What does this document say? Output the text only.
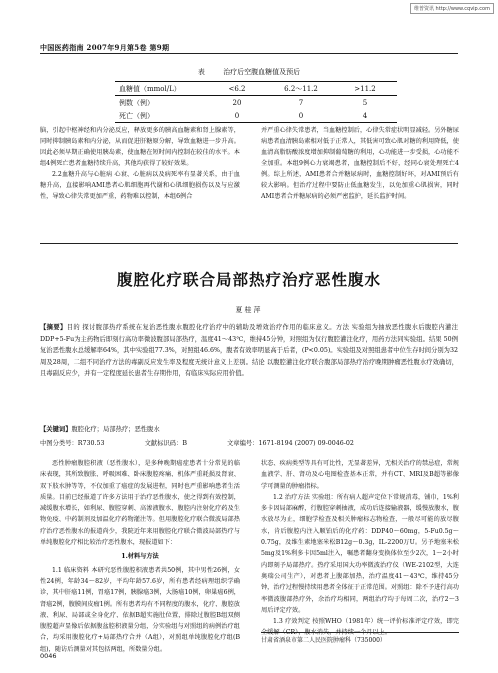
维普资讯 http://www.cqvip.com
中国医药指南 2007年9月第5卷 第9期
表	治疗后空腹血糖值及预后
血糖值（mmol/L）	<6.2	6.2～11.2	>11.2
例数（例）	20	7	5
死亡（例）	0	0	4

脑，引起中枢神经和内分泌反应，释放更多的胰高血糖素和肾上腺素等，同时抑制胰岛素和内分泌，从而促进肝糖原分解，导致血糖进一步升高。因此必须早期正确使用胰岛素，使血糖在短时间内控制在较佳的水平。本组4例死亡患者血糖持续升高，其他均获得了较好效果。

2.2血糖升高与心脏病 心衰、心脏病以及病死率有显著关系，由于血糖升高，直接影响AMI患者心肌细胞再代谢和心肌细胞损伤以及与应激性，导致心律失常更加严重，药物难以控制，本组6例合

并严重心律失常患者，当血糖控制后，心律失常症状明显减轻。另外糖尿病患者血清胰岛素相对低于正常人，其低害可致心肌对糖的利用降低，使血清高脂肪酸浓度增加抑制葡萄糖的利用，心功能进一步受损，心功能不全加重。本组9例心力衰竭患者，血糖控制后不好，经同心衰处理死亡4例。综上所述，AMI患者合并糖尿病时，血糖控制好坏，对AMI预后有较大影响。但治疗过程中要防止低血糖发生，以免加重心肌损害，同时AMI患者合并糖尿病的必须严密监护，延长监护时间。

腹腔化疗联合局部热疗治疗恶性腹水
夏桂萍
【摘要】目的 探讨腹部热疗系统在复治恶性腹水腹腔化疗治疗中的辅助及增效治疗作用的临床意义。方法 实验组为抽放恶性腹水后腹腔内灌注DDP+5-Fu为主药物后即刻行高功率微波腹部局部热疗，温度41～43℃，维持45分钟，对照组为仅行腹腔灌注化疗，用药方法同实验组。结果 50例复治恶性腹水总缓解率64%，其中实验组77.3%，对照组46.6%，腹者有效率明显高于后者，(P<0.05)。实验组及对照组患者中位生存时间分别为32周及28周，二组不同治疗方法的毒副反应发生率及程度无统计意义上差别。结论 以腹腔灌注化疗联合腹部局部热疗治疗晚期肿瘤恶性腹水疗效确切，且毒副反应少，并有一定程度延长患者生存期作用，有临床实际应用价值。
【关键词】腹腔化疗；局部热疗；恶性腹水
中图分类号：R730.53	文献标识码：B	文章编号：1671-8194 (2007) 09-0046-02

恶性肿瘤腹腔积液（恶性腹水），是多种晚期癌症患者十分常见的临床表现，其所致腹胀、呼吸困难、卧床腹腔疼痛、机体严重耗损及肾衰、双下肢水肿等等，不仅加重了癌症的发展进程，同时也严重影响患者生活质量。目前已经报道了许多方法用于治疗恶性腹水，使之得到有效控制，减缓腹水增长，如利尿、腹腔穿刺、高渗液腹水、腹腔内注射化疗药及生物免疫、中药制剂及加温化疗药物灌注等。但用腹腔化疗联合微波局部热疗治疗恶性腹水的报道尚少，我院近年来用腹腔化疗联合微波局部热疗与单纯腹腔化疗相比较治疗恶性腹水，现报道如下：

1.材料与方法

1.1 临床资料 本研究恶性腹腔积液患者共50例，其中男性26例，女性24例，年龄34～82岁，平均年龄57.6岁，所有患者经病理组织学确诊，其中肝癌11例，胃癌17例，胰腺癌3例，大肠癌10例，卵巢癌6例，肾癌2例，腹膜间皮瘤1例。所有患者均有不同程度的腹水，化疗、腹腔放液、利尿、局部或全身化疗、依据B超实施肚位置，排除过腹腔B组双侧腹腔超声显像后依据腹盆腔积液量分组，分实验组与对照组的病例治疗组合，均采用腹腔化疗+局部热疗合并（A组），对照组单纯腹腔化疗组(B组)，随访后测量对其包括两组，所数量分组。

状态、疾病类型等具有可比性，无显著差异，无相关治疗的禁忌症，常规血液学、肝、肾功及心电图检查基本正常，并有CT、MRI及B超等影像学可测量的肿瘤指标。

1.2 治疗方法 实验组：所有病人超声定位下常规消毒，铺巾，1%利多卡因局部麻醉，行腹腔穿刺抽液，成功后连接输液器，缓慢放腹水，腹水放尽为止，细胞学检查及相关肿瘤标志物检查，一般尽可能的放尽腹水，肯后腹腔内注入顺铂后的化疗药：DDP40～60mg，5-Fu0.5g～0.75g，及维生素地塞米松B12g～0.3g，IL-2200万U。另予地塞米松5mg及1%利多卡因5ml注入，嘱患者翻身变换体位至少2次，1～2小时内即刻予局部热疗。热疗采用国大功率微波治疗仪（WE-2102型，大连奥瑞公司生产），对患者上腹部加热，治疗温度41～43℃，维持45分钟，治疗过程慢持续用患者全体征于正常范围。对照组：除不予进行高功率微波腹部热疗外，余治疗均相同，两组治疗均于每周二次，治疗2～3周后评定疗效。

1.3 疗效判定 按照WHO（1981年）统一评价标准评定疗效，即完全缓解（CR），腹水消失，并持续一个月以上。

甘肃省酒泉市第二人民医院肿瘤科（735000）
0046
